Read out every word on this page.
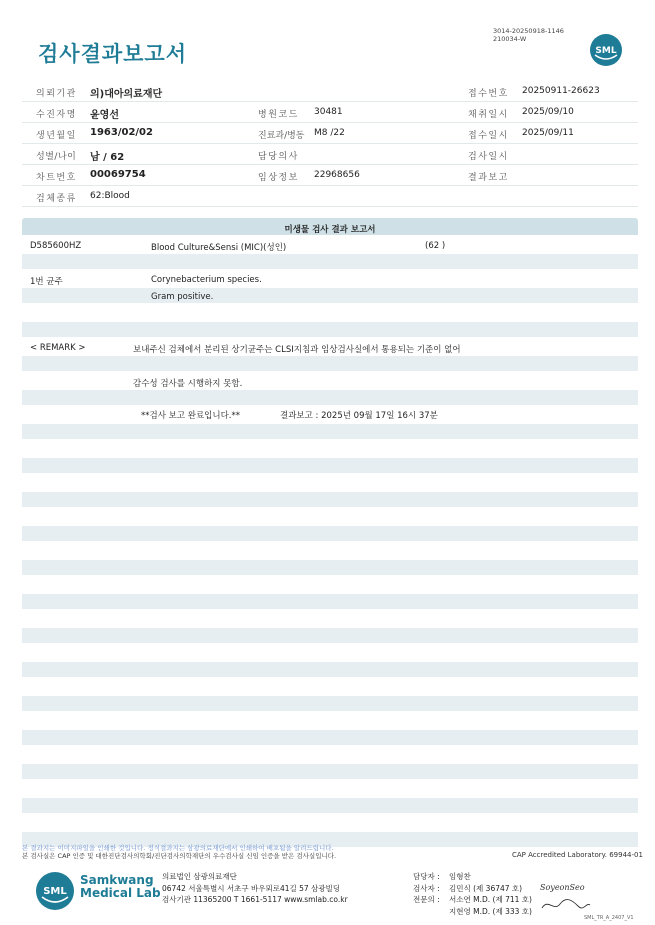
검사결과보고서
3014-20250918-1146
210034-W
SML
의뢰기관 의)대아의료재단	접수번호 20250911-26623
수진자명 윤영선	병원코드 30481	채취일시 2025/09/10
생년월일 1963/02/02	진료과/병동 M8 /22	접수일시 2025/09/11
성별/나이 남 / 62	담당의사	검사일시
차트번호 00069754	임상정보 22968656	결과보고
검체종류 62:Blood
미생물 검사 결과 보고서
D585600HZ	Blood Culture&Sensi (MIC)(성인)	(62 )
1번 균주	Corynebacterium species.
Gram positive.
< REMARK >	보내주신 검체에서 분리된 상기균주는 CLSI지침과 임상검사실에서 통용되는 기준이 없어
감수성 검사를 시행하지 못함.
**검사 보고 완료입니다.**	결과보고 : 2025년 09월 17일 16시 37분
본 결과지는 이미지파일을 인쇄한 것입니다. 정식결과지는 삼광의료재단에서 인쇄하여 배포됨을 알려드립니다.
본 검사실은 CAP 인증 및 대한진단검사의학회/진단검사의학재단의 우수검사실 신임 인증을 받은 검사실입니다.	CAP Accredited Laboratory. 69944-01
SML
Samkwang
Medical Lab
의료법인 삼광의료재단
06742 서울특별시 서초구 바우뫼로41길 57 삼광빌딩
검사기관 11365200 T 1661-5117 www.smlab.co.kr
담당자 :	임형찬
검사자 :	김민식 (제 36747 호)
전문의 :	서소연 M.D. (제 711 호)
지현영 M.D. (제 333 호)
SoyeonSeo
SML_TR_A_2407_V1
